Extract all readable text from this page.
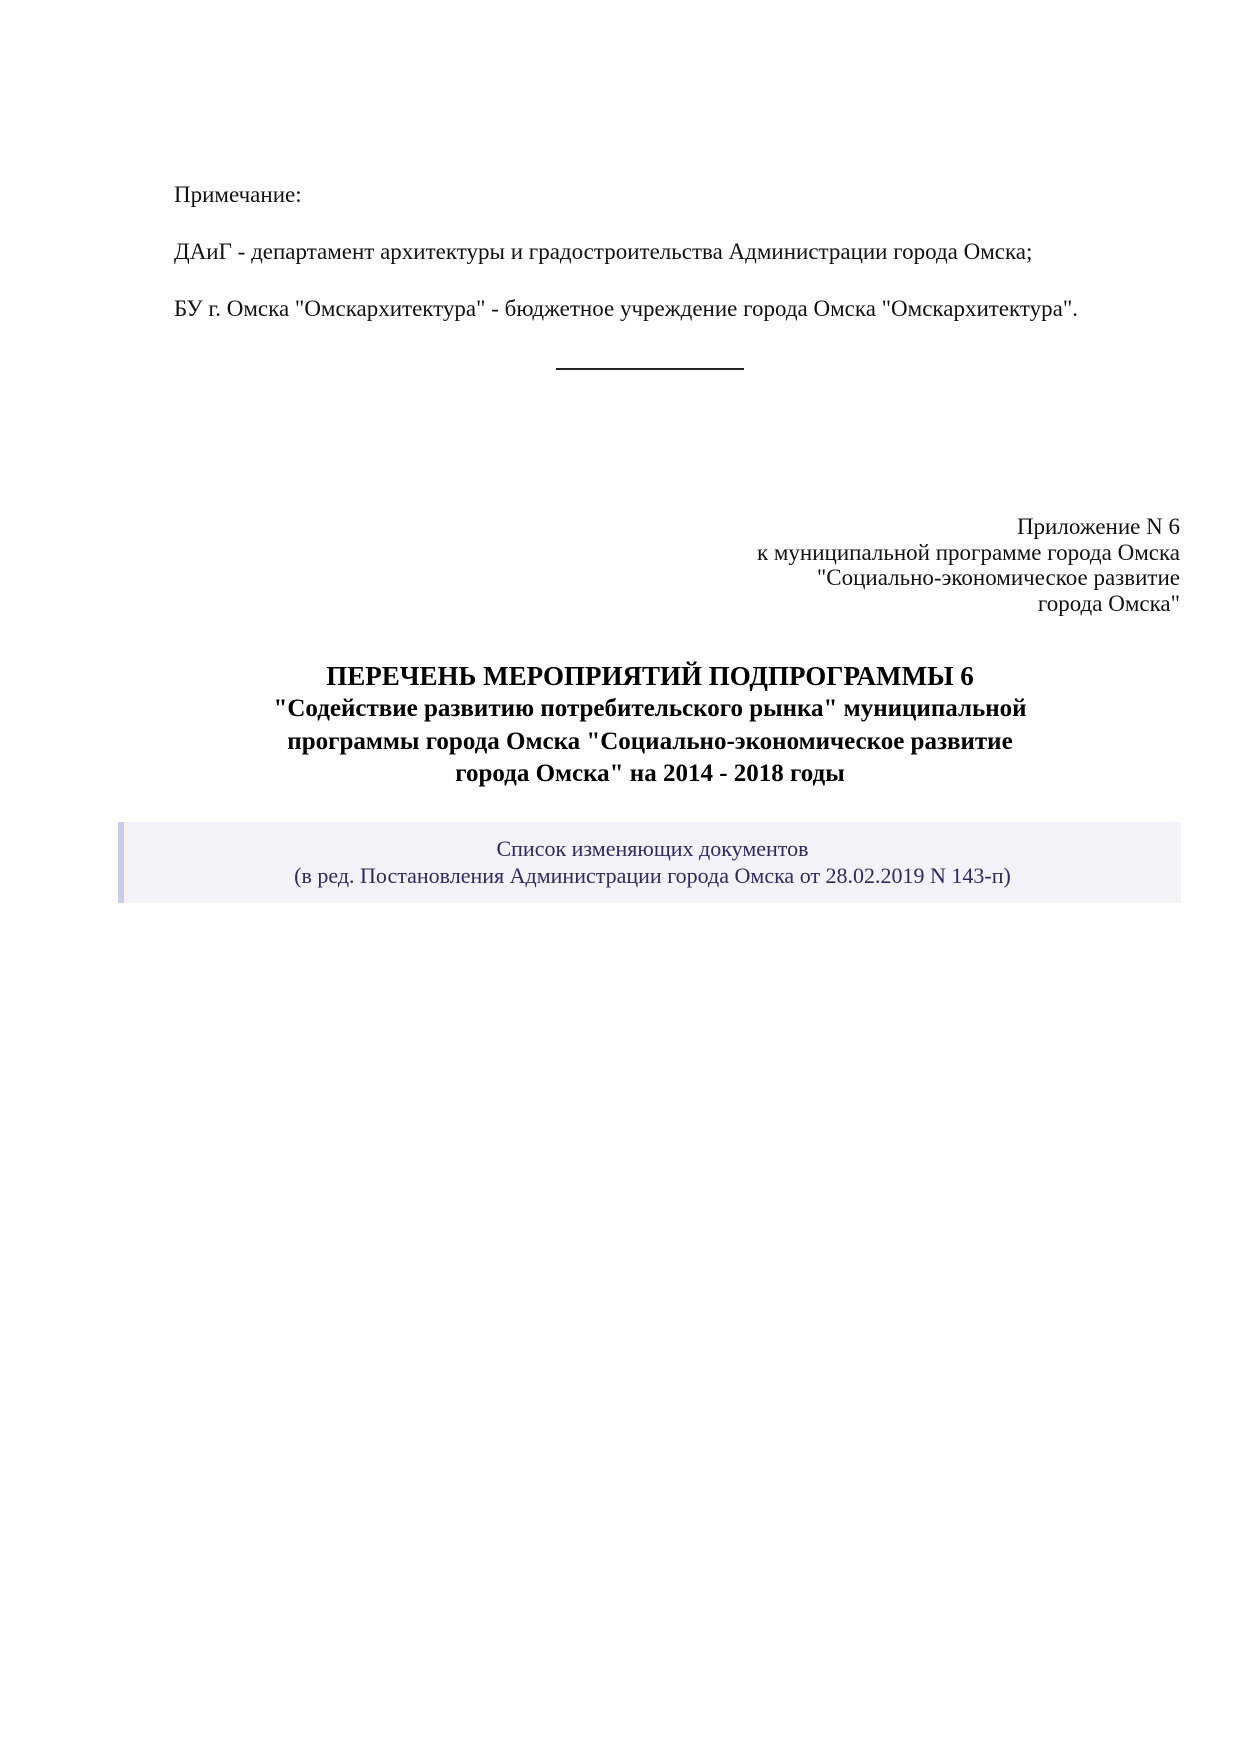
Примечание:
ДАиГ - департамент архитектуры и градостроительства Администрации города Омска;
БУ г. Омска "Омскархитектура" - бюджетное учреждение города Омска "Омскархитектура".
Приложение N 6
к муниципальной программе города Омска
"Социально-экономическое развитие
города Омска"
ПЕРЕЧЕНЬ МЕРОПРИЯТИЙ ПОДПРОГРАММЫ 6
"Содействие развитию потребительского рынка" муниципальной
программы города Омска "Социально-экономическое развитие
города Омска" на 2014 - 2018 годы
Список изменяющих документов
(в ред. Постановления Администрации города Омска от 28.02.2019 N 143-п)
